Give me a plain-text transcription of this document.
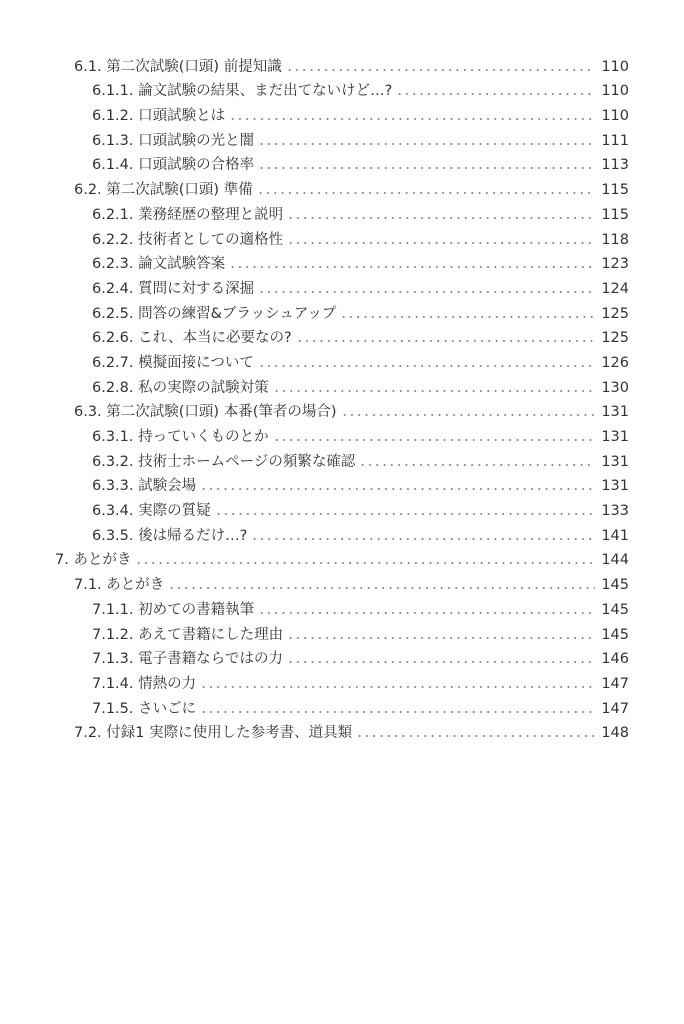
6.1. 第二次試験(口頭) 前提知識	110
6.1.1. 論文試験の結果、まだ出てないけど…?	110
6.1.2. 口頭試験とは	110
6.1.3. 口頭試験の光と闇	111
6.1.4. 口頭試験の合格率	113
6.2. 第二次試験(口頭) 準備	115
6.2.1. 業務経歴の整理と説明	115
6.2.2. 技術者としての適格性	118
6.2.3. 論文試験答案	123
6.2.4. 質問に対する深掘	124
6.2.5. 問答の練習&ブラッシュアップ	125
6.2.6. これ、本当に必要なの?	125
6.2.7. 模擬面接について	126
6.2.8. 私の実際の試験対策	130
6.3. 第二次試験(口頭) 本番(筆者の場合)	131
6.3.1. 持っていくものとか	131
6.3.2. 技術士ホームページの頻繁な確認	131
6.3.3. 試験会場	131
6.3.4. 実際の質疑	133
6.3.5. 後は帰るだけ…?	141
7. あとがき	144
7.1. あとがき	145
7.1.1. 初めての書籍執筆	145
7.1.2. あえて書籍にした理由	145
7.1.3. 電子書籍ならではの力	146
7.1.4. 情熱の力	147
7.1.5. さいごに	147
7.2. 付録1 実際に使用した参考書、道具類	148
